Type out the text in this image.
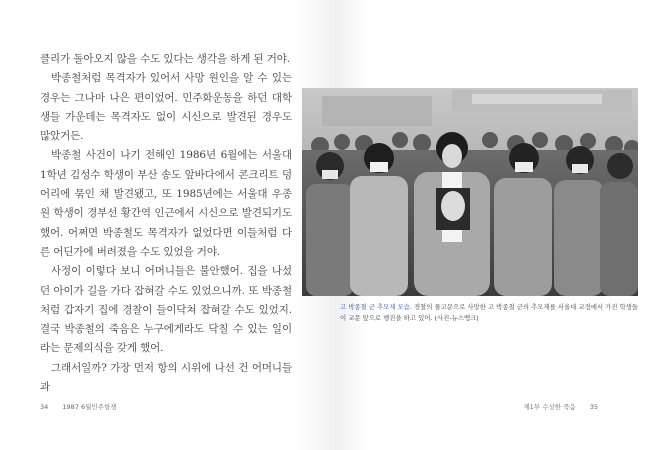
클리가 돌아오지 않을 수도 있다는 생각을 하게 된 거야.

박종철처럼 목격자가 있어서 사망 원인을 알 수 있는 경우는 그나마 나은 편이었어. 민주화운동을 하던 대학생들 가운데는 목격자도 없이 시신으로 발견된 경우도 많았거든.

박종철 사건이 나기 전해인 1986년 6월에는 서울대 1학년 김성수 학생이 부산 송도 앞바다에서 콘크리트 덩어리에 묶인 채 발견됐고, 또 1985년에는 서울대 우종원 학생이 경부선 황간역 인근에서 시신으로 발견되기도 했어. 어쩌면 박종철도 목격자가 없었다면 이들처럼 다른 어딘가에 버려졌을 수도 있었을 거야.

사정이 이렇다 보니 어머니들은 불안했어. 집을 나섰던 아이가 길을 가다 잡혀갈 수도 있었으니까. 또 박종철처럼 갑자기 집에 경찰이 들이닥쳐 잡혀갈 수도 있었지. 결국 박종철의 죽음은 누구에게라도 닥칠 수 있는 일이라는 문제의식을 갖게 했어.

그래서일까? 가장 먼저 항의 시위에 나선 건 어머니들과

34 1987 6월민주항쟁	제1부 수상한 죽음 35
고 박종철 군 추모제 모습. 경찰의 물고문으로 사망한 고 박종철 군의 추모제를 서울대 교정에서 가진 학생들이 교문 앞으로 행진을 하고 있어. (사진-뉴스뱅크)
